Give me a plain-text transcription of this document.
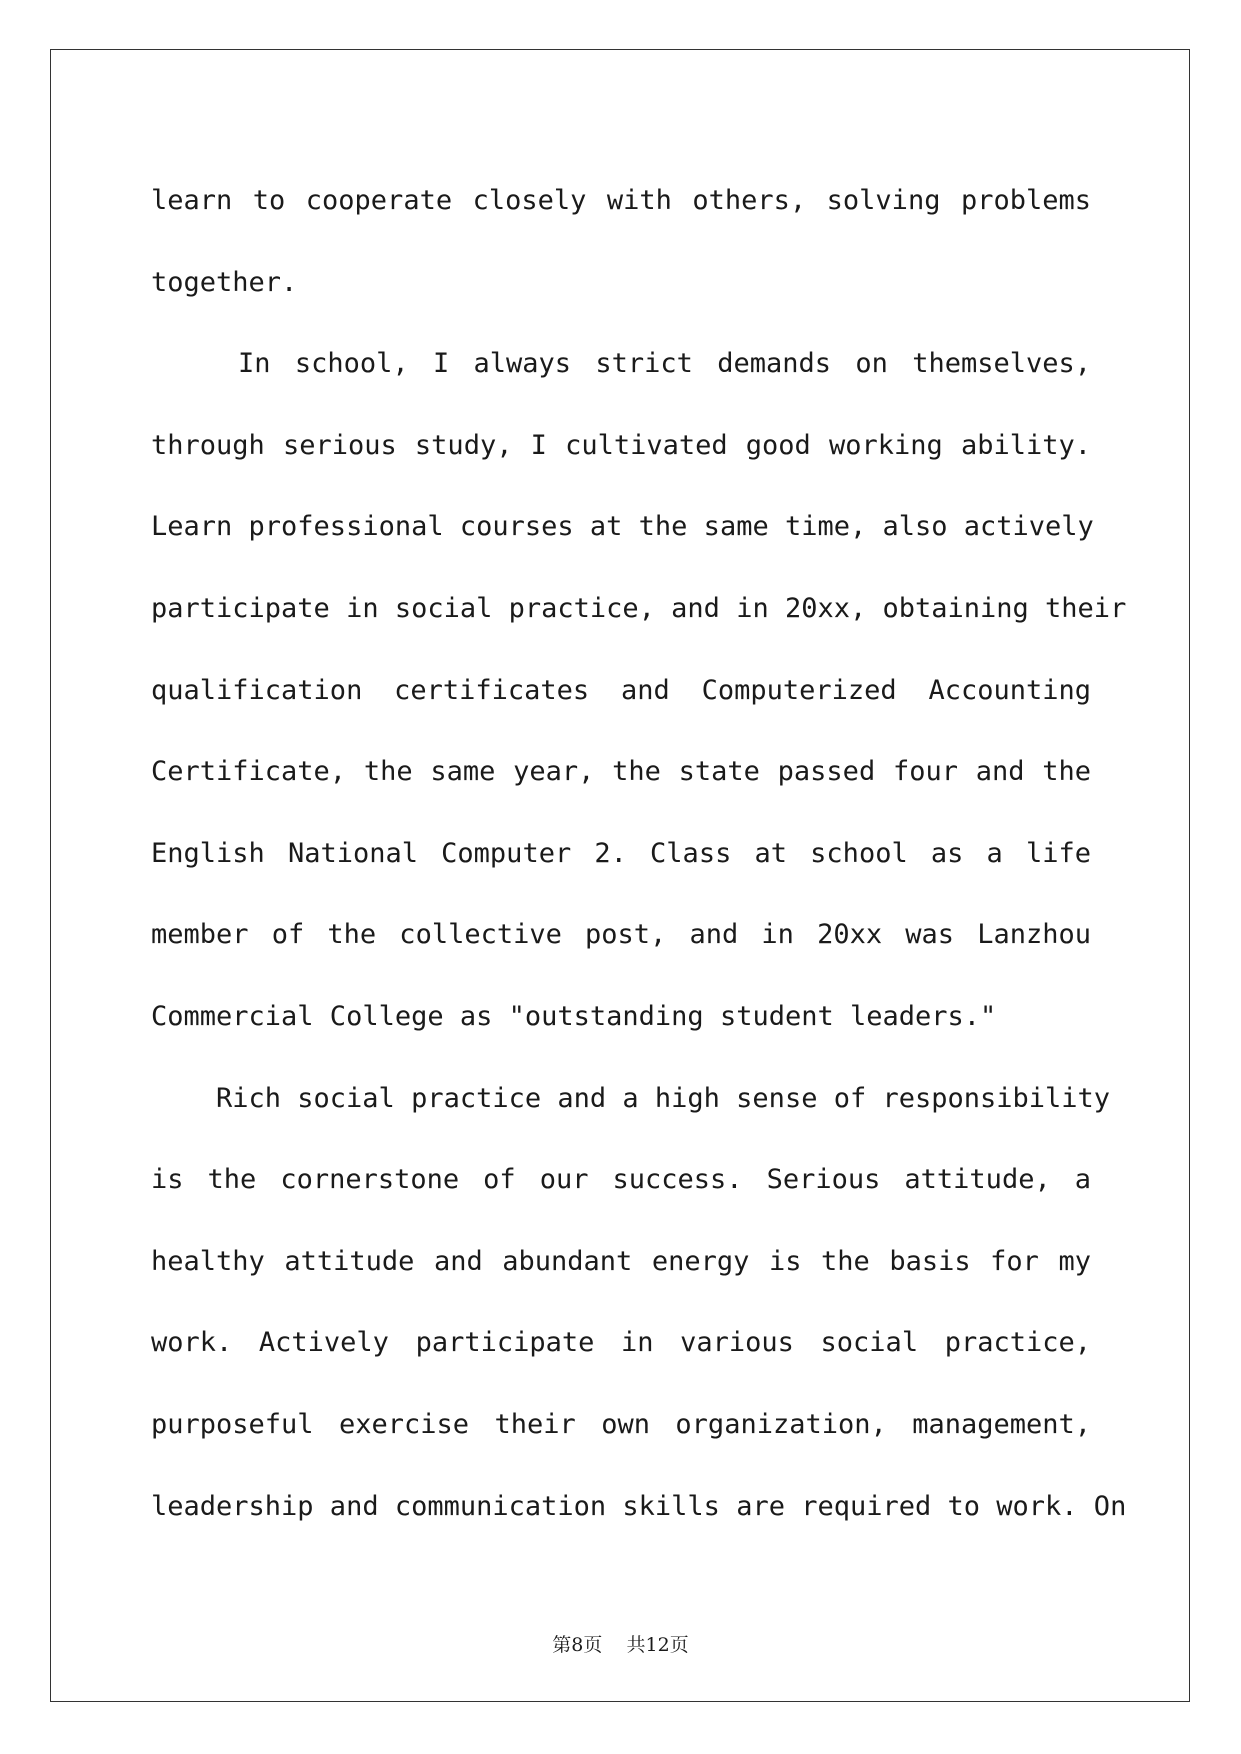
learn to cooperate closely with others, solving problems
together.
In school, I always strict demands on themselves,
through serious study, I cultivated good working ability.
Learn professional courses at the same time, also actively
participate in social practice, and in 20xx, obtaining their
qualification certificates and Computerized Accounting
Certificate, the same year, the state passed four and the
English National Computer 2. Class at school as a life
member of the collective post, and in 20xx was Lanzhou
Commercial College as "outstanding student leaders."
Rich social practice and a high sense of responsibility
is the cornerstone of our success. Serious attitude, a
healthy attitude and abundant energy is the basis for my
work. Actively participate in various social practice,
purposeful exercise their own organization, management,
leadership and communication skills are required to work. On
第8页 共12页
